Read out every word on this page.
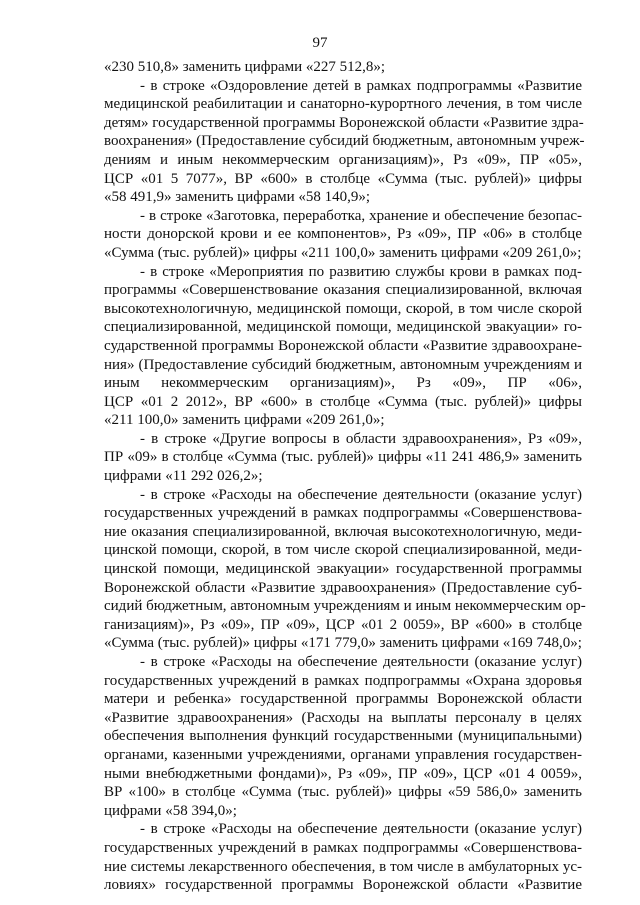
97
«230 510,8» заменить цифрами «227 512,8»;
- в строке «Оздоровление детей в рамках подпрограммы «Развитие
медицинской реабилитации и санаторно-курортного лечения, в том числе
детям» государственной программы Воронежской области «Развитие здра-
воохранения» (Предоставление субсидий бюджетным, автономным учреж-
дениям и иным некоммерческим организациям)», Рз «09», ПР «05»,
ЦСР «01 5 7077», ВР «600» в столбце «Сумма (тыс. рублей)» цифры
«58 491,9» заменить цифрами «58 140,9»;
- в строке «Заготовка, переработка, хранение и обеспечение безопас-
ности донорской крови и ее компонентов», Рз «09», ПР «06» в столбце
«Сумма (тыс. рублей)» цифры «211 100,0» заменить цифрами «209 261,0»;
- в строке «Мероприятия по развитию службы крови в рамках под-
программы «Совершенствование оказания специализированной, включая
высокотехнологичную, медицинской помощи, скорой, в том числе скорой
специализированной, медицинской помощи, медицинской эвакуации» го-
сударственной программы Воронежской области «Развитие здравоохране-
ния» (Предоставление субсидий бюджетным, автономным учреждениям и
иным некоммерческим организациям)», Рз «09», ПР «06»,
ЦСР «01 2 2012», ВР «600» в столбце «Сумма (тыс. рублей)» цифры
«211 100,0» заменить цифрами «209 261,0»;
- в строке «Другие вопросы в области здравоохранения», Рз «09»,
ПР «09» в столбце «Сумма (тыс. рублей)» цифры «11 241 486,9» заменить
цифрами «11 292 026,2»;
- в строке «Расходы на обеспечение деятельности (оказание услуг)
государственных учреждений в рамках подпрограммы «Совершенствова-
ние оказания специализированной, включая высокотехнологичную, меди-
цинской помощи, скорой, в том числе скорой специализированной, меди-
цинской помощи, медицинской эвакуации» государственной программы
Воронежской области «Развитие здравоохранения» (Предоставление суб-
сидий бюджетным, автономным учреждениям и иным некоммерческим ор-
ганизациям)», Рз «09», ПР «09», ЦСР «01 2 0059», ВР «600» в столбце
«Сумма (тыс. рублей)» цифры «171 779,0» заменить цифрами «169 748,0»;
- в строке «Расходы на обеспечение деятельности (оказание услуг)
государственных учреждений в рамках подпрограммы «Охрана здоровья
матери и ребенка» государственной программы Воронежской области
«Развитие здравоохранения» (Расходы на выплаты персоналу в целях
обеспечения выполнения функций государственными (муниципальными)
органами, казенными учреждениями, органами управления государствен-
ными внебюджетными фондами)», Рз «09», ПР «09», ЦСР «01 4 0059»,
ВР «100» в столбце «Сумма (тыс. рублей)» цифры «59 586,0» заменить
цифрами «58 394,0»;
- в строке «Расходы на обеспечение деятельности (оказание услуг)
государственных учреждений в рамках подпрограммы «Совершенствова-
ние системы лекарственного обеспечения, в том числе в амбулаторных ус-
ловиях» государственной программы Воронежской области «Развитие
